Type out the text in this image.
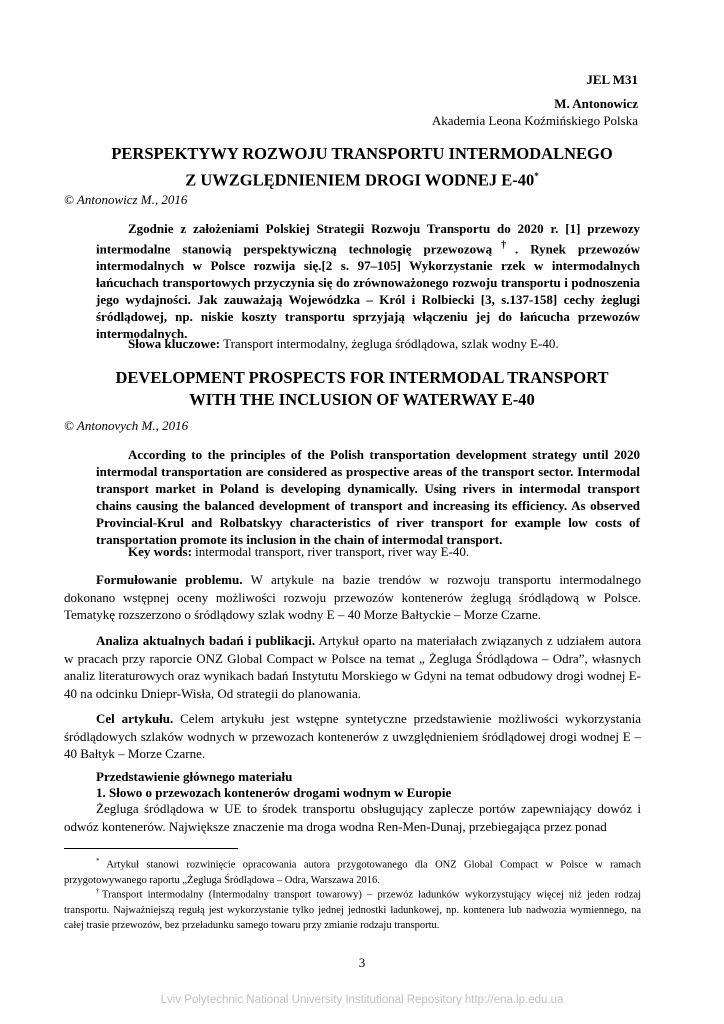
JEL M31
M. Antonowicz
Akademia Leona Koźmińskiego Polska
PERSPEKTYWY ROZWOJU TRANSPORTU INTERMODALNEGO
Z UWZGLĘDNIENIEM DROGI WODNEJ E-40*
© Antonowicz M., 2016

Zgodnie z założeniami Polskiej Strategii Rozwoju Transportu do 2020 r. [1] przewozy intermodalne stanowią perspektywiczną technologię przewozową†. Rynek przewozów intermodalnych w Polsce rozwija się.[2 s. 97–105] Wykorzystanie rzek w intermodalnych łańcuchach transportowych przyczynia się do zrównoważonego rozwoju transportu i podnoszenia jego wydajności. Jak zauważają Wojewódzka – Król i Rolbiecki [3, s.137-158] cechy żeglugi śródlądowej, np. niskie koszty transportu sprzyjają włączeniu jej do łańcucha przewozów intermodalnych.

Słowa kluczowe: Transport intermodalny, żegluga śródlądowa, szlak wodny E-40.
DEVELOPMENT PROSPECTS FOR INTERMODAL TRANSPORT
WITH THE INCLUSION OF WATERWAY E-40
© Antonovych M., 2016

According to the principles of the Polish transportation development strategy until 2020 intermodal transportation are considered as prospective areas of the transport sector. Intermodal transport market in Poland is developing dynamically. Using rivers in intermodal transport chains causing the balanced development of transport and increasing its efficiency. As observed Provincial-Krul and Rolbatskyy characteristics of river transport for example low costs of transportation promote its inclusion in the chain of intermodal transport.

Key words: intermodal transport, river transport, river way E-40.

Formułowanie problemu. W artykule na bazie trendów w rozwoju transportu intermodalnego dokonano wstępnej oceny możliwości rozwoju przewozów kontenerów żeglugą śródlądową w Polsce. Tematykę rozszerzono o śródlądowy szlak wodny E – 40 Morze Bałtyckie – Morze Czarne.

Analiza aktualnych badań i publikacji. Artykuł oparto na materiałach związanych z udziałem autora w pracach przy raporcie ONZ Global Compact w Polsce na temat „ Żegluga Śródlądowa – Odra”, własnych analiz literaturowych oraz wynikach badań Instytutu Morskiego w Gdyni na temat odbudowy drogi wodnej E-40 na odcinku Dniepr-Wisła, Od strategii do planowania.

Cel artykułu. Celem artykułu jest wstępne syntetyczne przedstawienie możliwości wykorzystania śródlądowych szlaków wodnych w przewozach kontenerów z uwzględnieniem śródlądowej drogi wodnej E – 40 Bałtyk – Morze Czarne.

Przedstawienie głównego materiału
1. Słowo o przewozach kontenerów drogami wodnym w Europie

Żegluga śródlądowa w UE to środek transportu obsługujący zaplecze portów zapewniający dowóz i odwóz kontenerów. Największe znaczenie ma droga wodna Ren-Men-Dunaj, przebiegająca przez ponad

* Artykuł stanowi rozwinięcie opracowania autora przygotowanego dla ONZ Global Compact w Polsce w ramach przygotowywanego raportu „Żegluga Śródlądowa – Odra, Warszawa 2016.

†Transport intermodalny (Intermodalny transport towarowy) – przewóz ładunków wykorzystujący więcej niż jeden rodzaj transportu. Najważniejszą regułą jest wykorzystanie tylko jednej jednostki ładunkowej, np. kontenera lub nadwozia wymiennego, na całej trasie przewozów, bez przeładunku samego towaru przy zmianie rodzaju transportu.

3
Lviv Polytechnic National University Institutional Repository http://ena.lp.edu.ua
